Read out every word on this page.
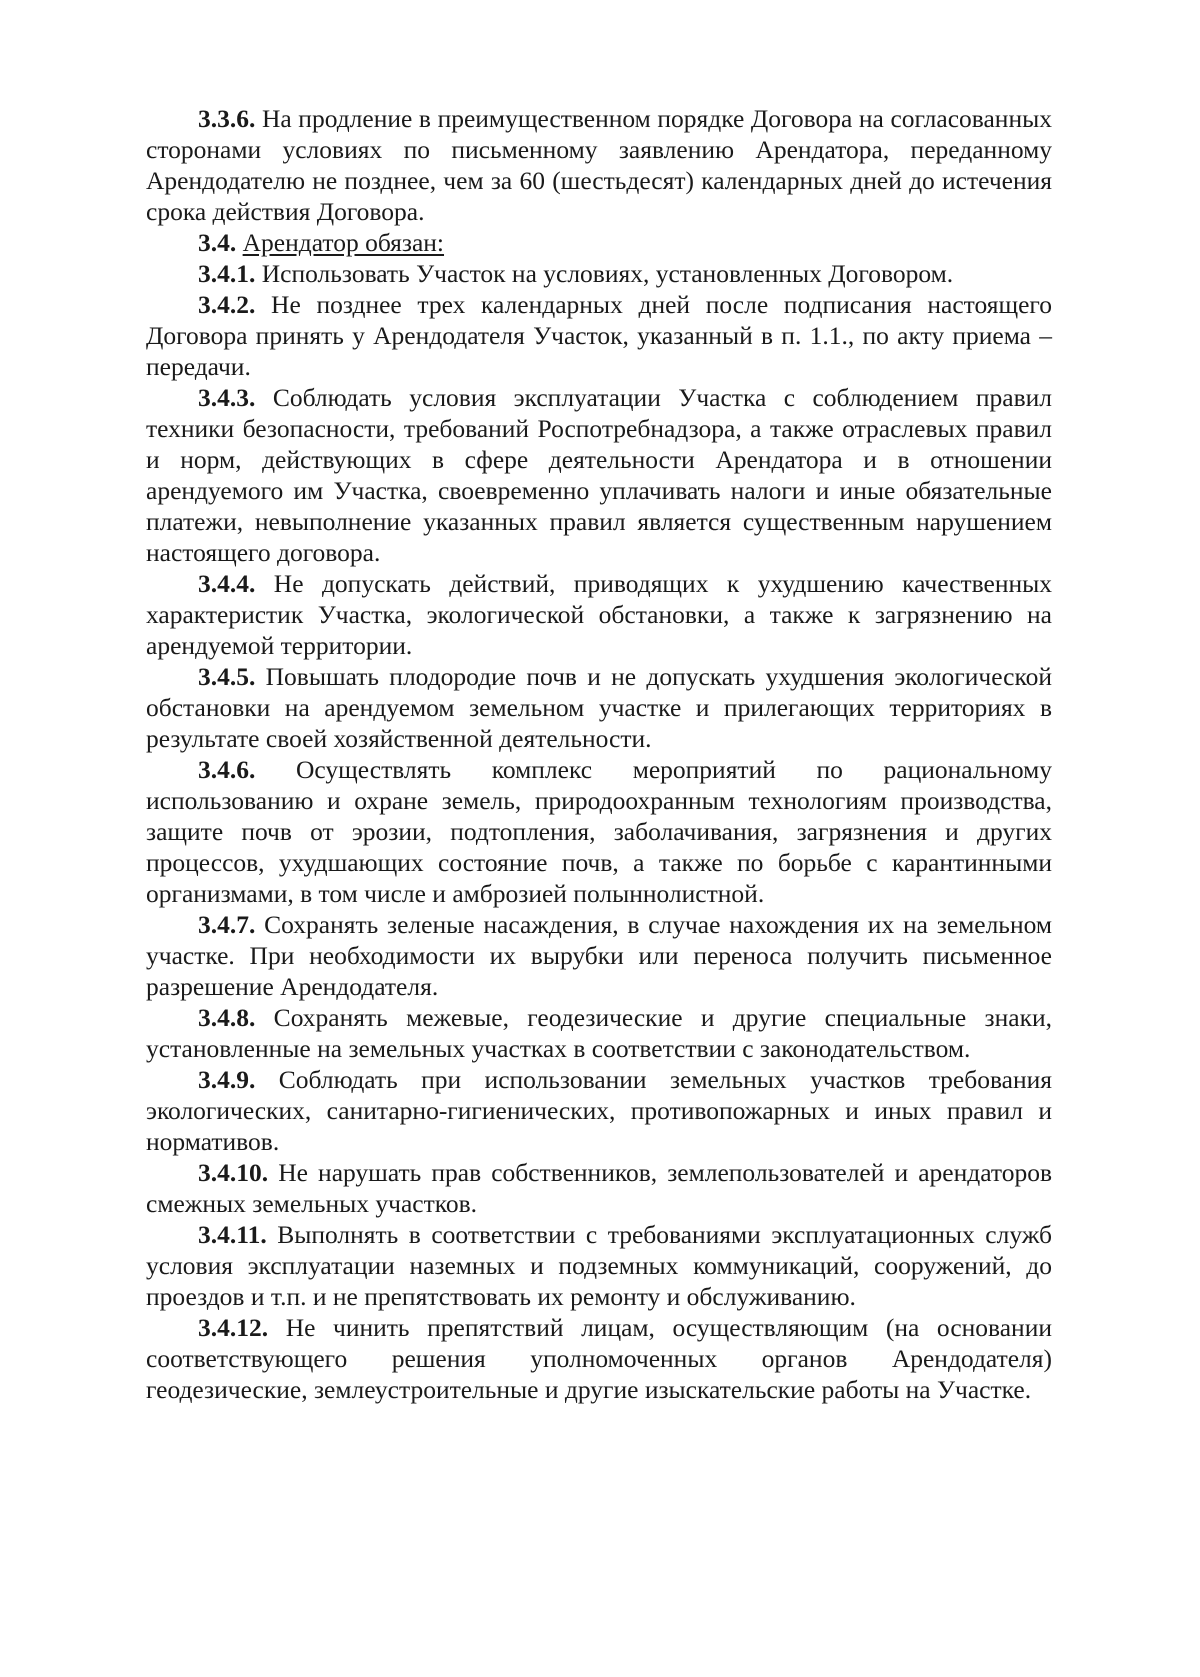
3.3.6. На продление в преимущественном порядке Договора на согласованных сторонами условиях по письменному заявлению Арендатора, переданному Арендодателю не позднее, чем за 60 (шестьдесят) календарных дней до истечения срока действия Договора.

3.4. Арендатор обязан:

3.4.1. Использовать Участок на условиях, установленных Договором.

3.4.2. Не позднее трех календарных дней после подписания настоящего Договора принять у Арендодателя Участок, указанный в п. 1.1., по акту приема – передачи.

3.4.3. Соблюдать условия эксплуатации Участка с соблюдением правил техники безопасности, требований Роспотребнадзора, а также отраслевых правил и норм, действующих в сфере деятельности Арендатора и в отношении арендуемого им Участка, своевременно уплачивать налоги и иные обязательные платежи, невыполнение указанных правил является существенным нарушением настоящего договора.

3.4.4. Не допускать действий, приводящих к ухудшению качественных характеристик Участка, экологической обстановки, а также к загрязнению на арендуемой территории.

3.4.5. Повышать плодородие почв и не допускать ухудшения экологической обстановки на арендуемом земельном участке и прилегающих территориях в результате своей хозяйственной деятельности.

3.4.6. Осуществлять комплекс мероприятий по рациональному использованию и охране земель, природоохранным технологиям производства, защите почв от эрозии, подтопления, заболачивания, загрязнения и других процессов, ухудшающих состояние почв, а также по борьбе с карантинными организмами, в том числе и амброзией полыннолистной.

3.4.7. Сохранять зеленые насаждения, в случае нахождения их на земельном участке. При необходимости их вырубки или переноса получить письменное разрешение Арендодателя.

3.4.8. Сохранять межевые, геодезические и другие специальные знаки, установленные на земельных участках в соответствии с законодательством.

3.4.9. Соблюдать при использовании земельных участков требования экологических, санитарно-гигиенических, противопожарных и иных правил и нормативов.

3.4.10. Не нарушать прав собственников, землепользователей и арендаторов смежных земельных участков.

3.4.11. Выполнять в соответствии с требованиями эксплуатационных служб условия эксплуатации наземных и подземных коммуникаций, сооружений, до проездов и т.п. и не препятствовать их ремонту и обслуживанию.

3.4.12. Не чинить препятствий лицам, осуществляющим (на основании соответствующего решения уполномоченных органов Арендодателя) геодезические, землеустроительные и другие изыскательские работы на Участке.
